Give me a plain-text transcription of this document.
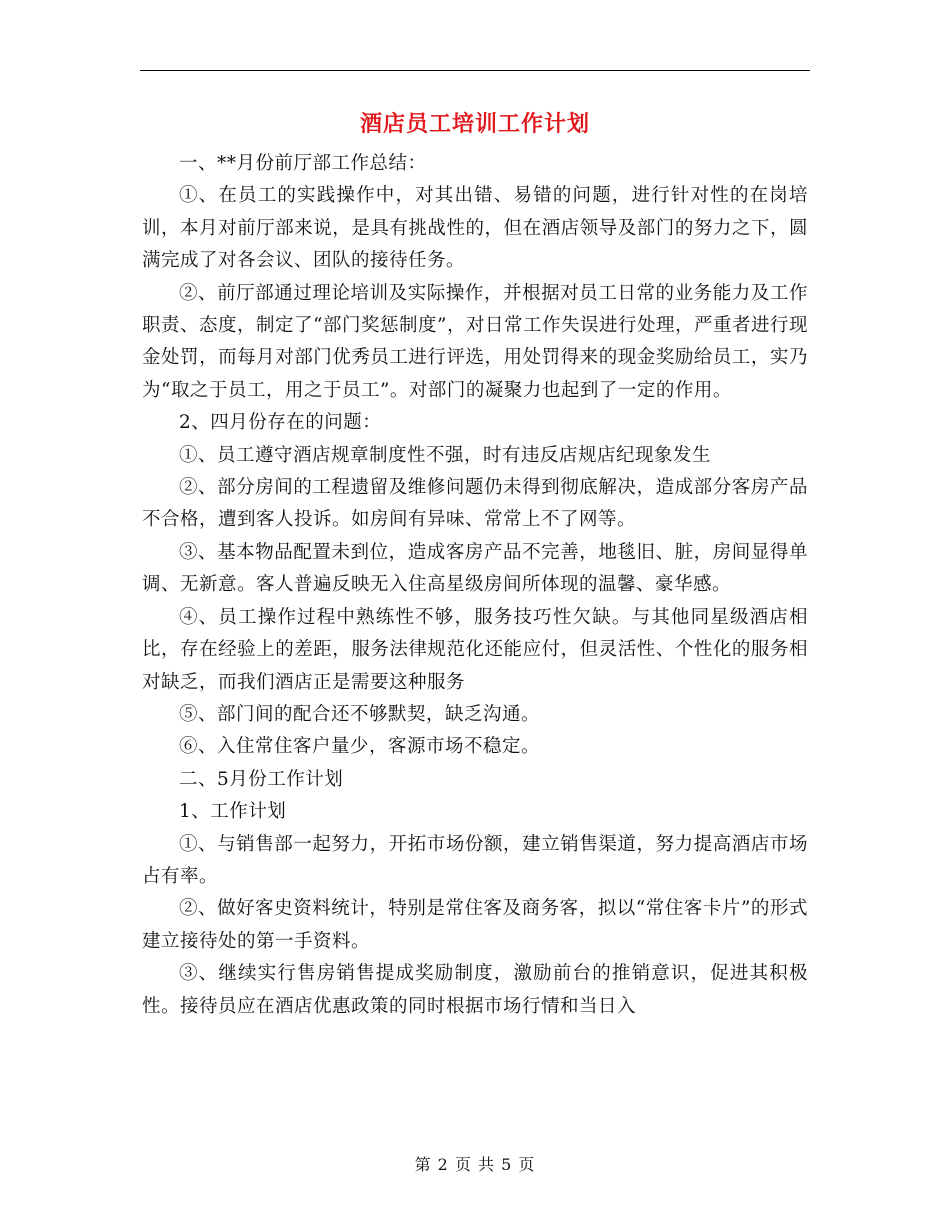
酒店员工培训工作计划

一、**月份前厅部工作总结：

①、在员工的实践操作中，对其出错、易错的问题，进行针对性的在岗培训，本月对前厅部来说，是具有挑战性的，但在酒店领导及部门的努力之下，圆满完成了对各会议、团队的接待任务。

②、前厅部通过理论培训及实际操作，并根据对员工日常的业务能力及工作职责、态度，制定了“部门奖惩制度”，对日常工作失误进行处理，严重者进行现金处罚，而每月对部门优秀员工进行评选，用处罚得来的现金奖励给员工，实乃为“取之于员工，用之于员工”。对部门的凝聚力也起到了一定的作用。

2、四月份存在的问题：

①、员工遵守酒店规章制度性不强，时有违反店规店纪现象发生

②、部分房间的工程遗留及维修问题仍未得到彻底解决，造成部分客房产品不合格，遭到客人投诉。如房间有异味、常常上不了网等。

③、基本物品配置未到位，造成客房产品不完善，地毯旧、脏，房间显得单调、无新意。客人普遍反映无入住高星级房间所体现的温馨、豪华感。

④、员工操作过程中熟练性不够，服务技巧性欠缺。与其他同星级酒店相比，存在经验上的差距，服务法律规范化还能应付，但灵活性、个性化的服务相对缺乏，而我们酒店正是需要这种服务

⑤、部门间的配合还不够默契，缺乏沟通。

⑥、入住常住客户量少，客源市场不稳定。

二、5月份工作计划

1、工作计划

①、与销售部一起努力，开拓市场份额，建立销售渠道，努力提高酒店市场占有率。

②、做好客史资料统计，特别是常住客及商务客，拟以“常住客卡片”的形式建立接待处的第一手资料。

③、继续实行售房销售提成奖励制度，激励前台的推销意识，促进其积极性。接待员应在酒店优惠政策的同时根据市场行情和当日入

第 2 页 共 5 页
